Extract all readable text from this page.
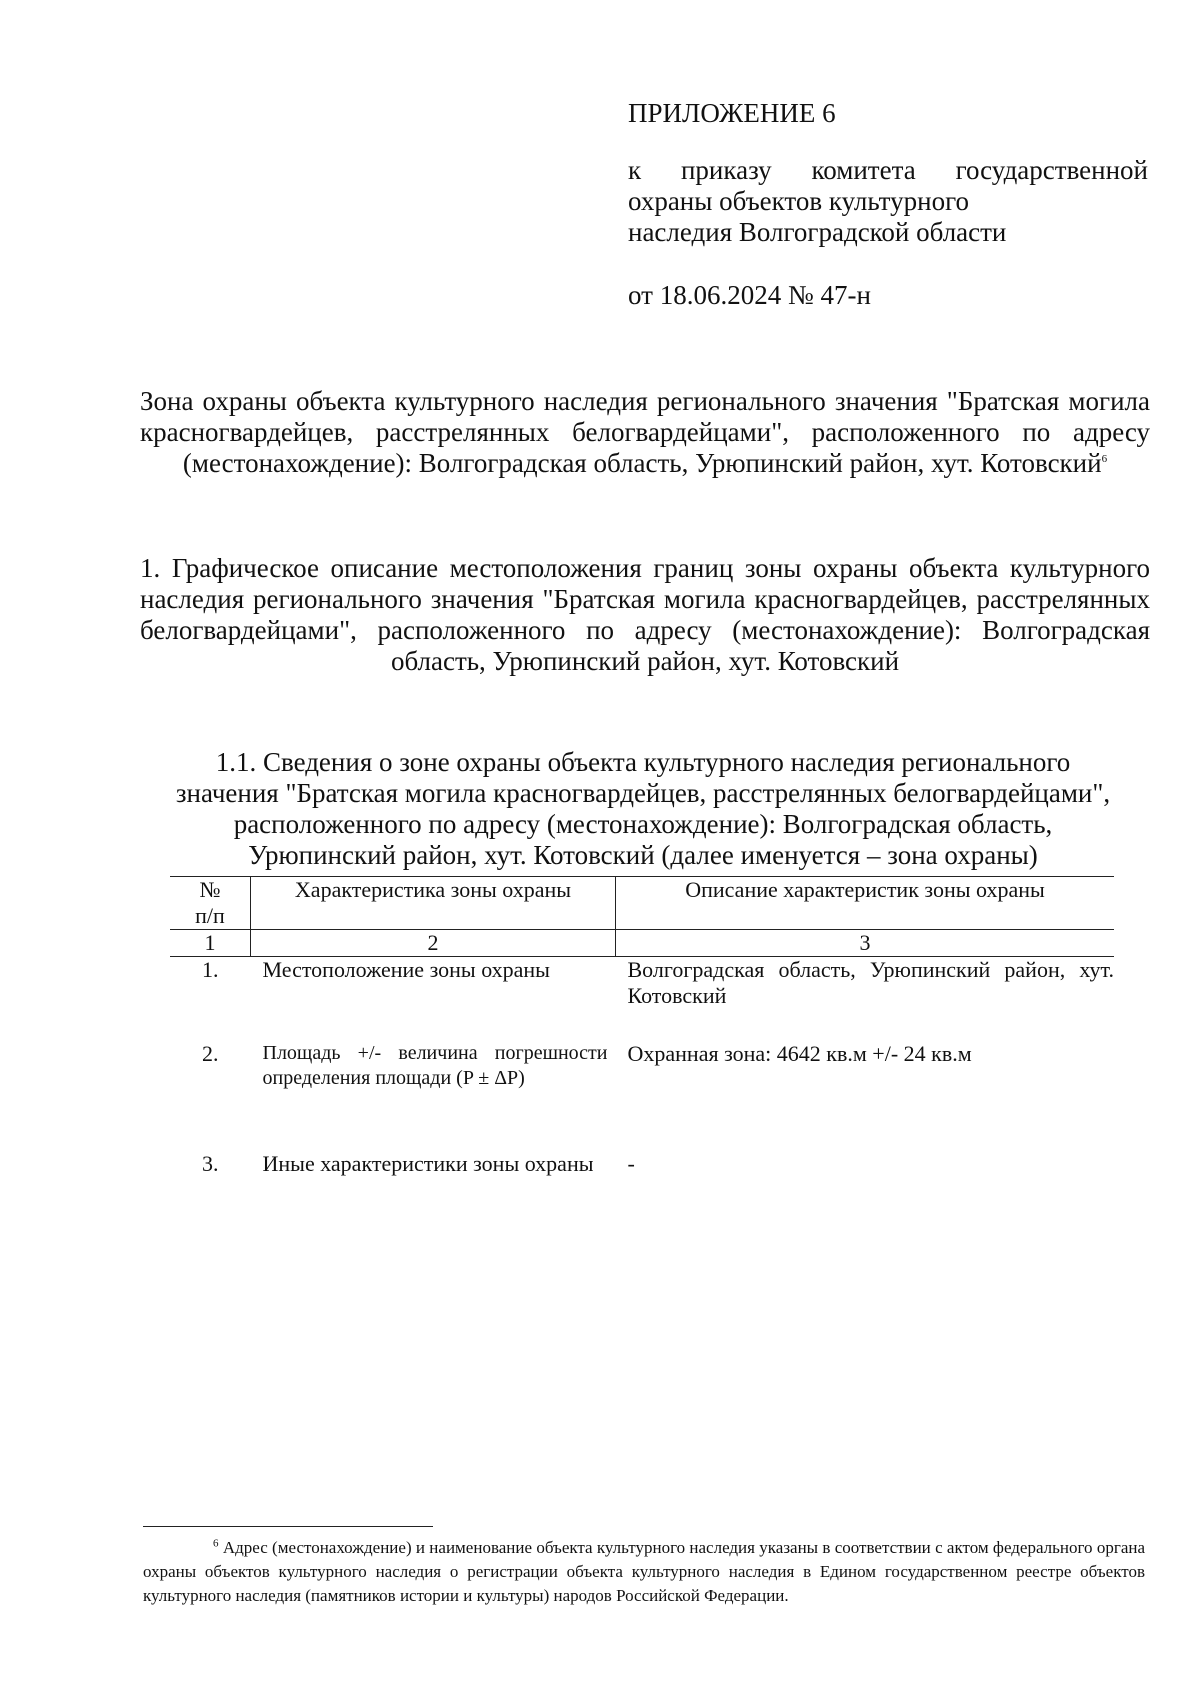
ПРИЛОЖЕНИЕ 6
к приказу комитета государственной
охраны объектов культурного
наследия Волгоградской области
от 18.06.2024 № 47-н
Зона охраны объекта культурного наследия регионального значения "Братская могила красногвардейцев, расстрелянных белогвардейцами", расположенного по адресу (местонахождение): Волгоградская область, Урюпинский район, хут. Котовский$^6$
1. Графическое описание местоположения границ зоны охраны объекта культурного наследия регионального значения "Братская могила красногвардейцев, расстрелянных белогвардейцами", расположенного по адресу (местонахождение): Волгоградская область, Урюпинский район, хут. Котовский
1.1. Сведения о зоне охраны объекта культурного наследия регионального
значения "Братская могила красногвардейцев, расстрелянных белогвардейцами",
расположенного по адресу (местонахождение): Волгоградская область,
Урюпинский район, хут. Котовский (далее именуется – зона охраны)
№
п/п	Характеристика зоны охраны	Описание характеристик зоны охраны
1	2	3
1.	Местоположение зоны охраны	Волгоградская область, Урюпинский район, хут. Котовский
2.	Площадь +/- величина погрешности определения площади (P ± ΔP)	Охранная зона: 4642 кв.м +/- 24 кв.м
3.	Иные характеристики зоны охраны	-

$^6$ Адрес (местонахождение) и наименование объекта культурного наследия указаны в соответствии с актом федерального органа охраны объектов культурного наследия о регистрации объекта культурного наследия в Едином государственном реестре объектов культурного наследия (памятников истории и культуры) народов Российской Федерации.
